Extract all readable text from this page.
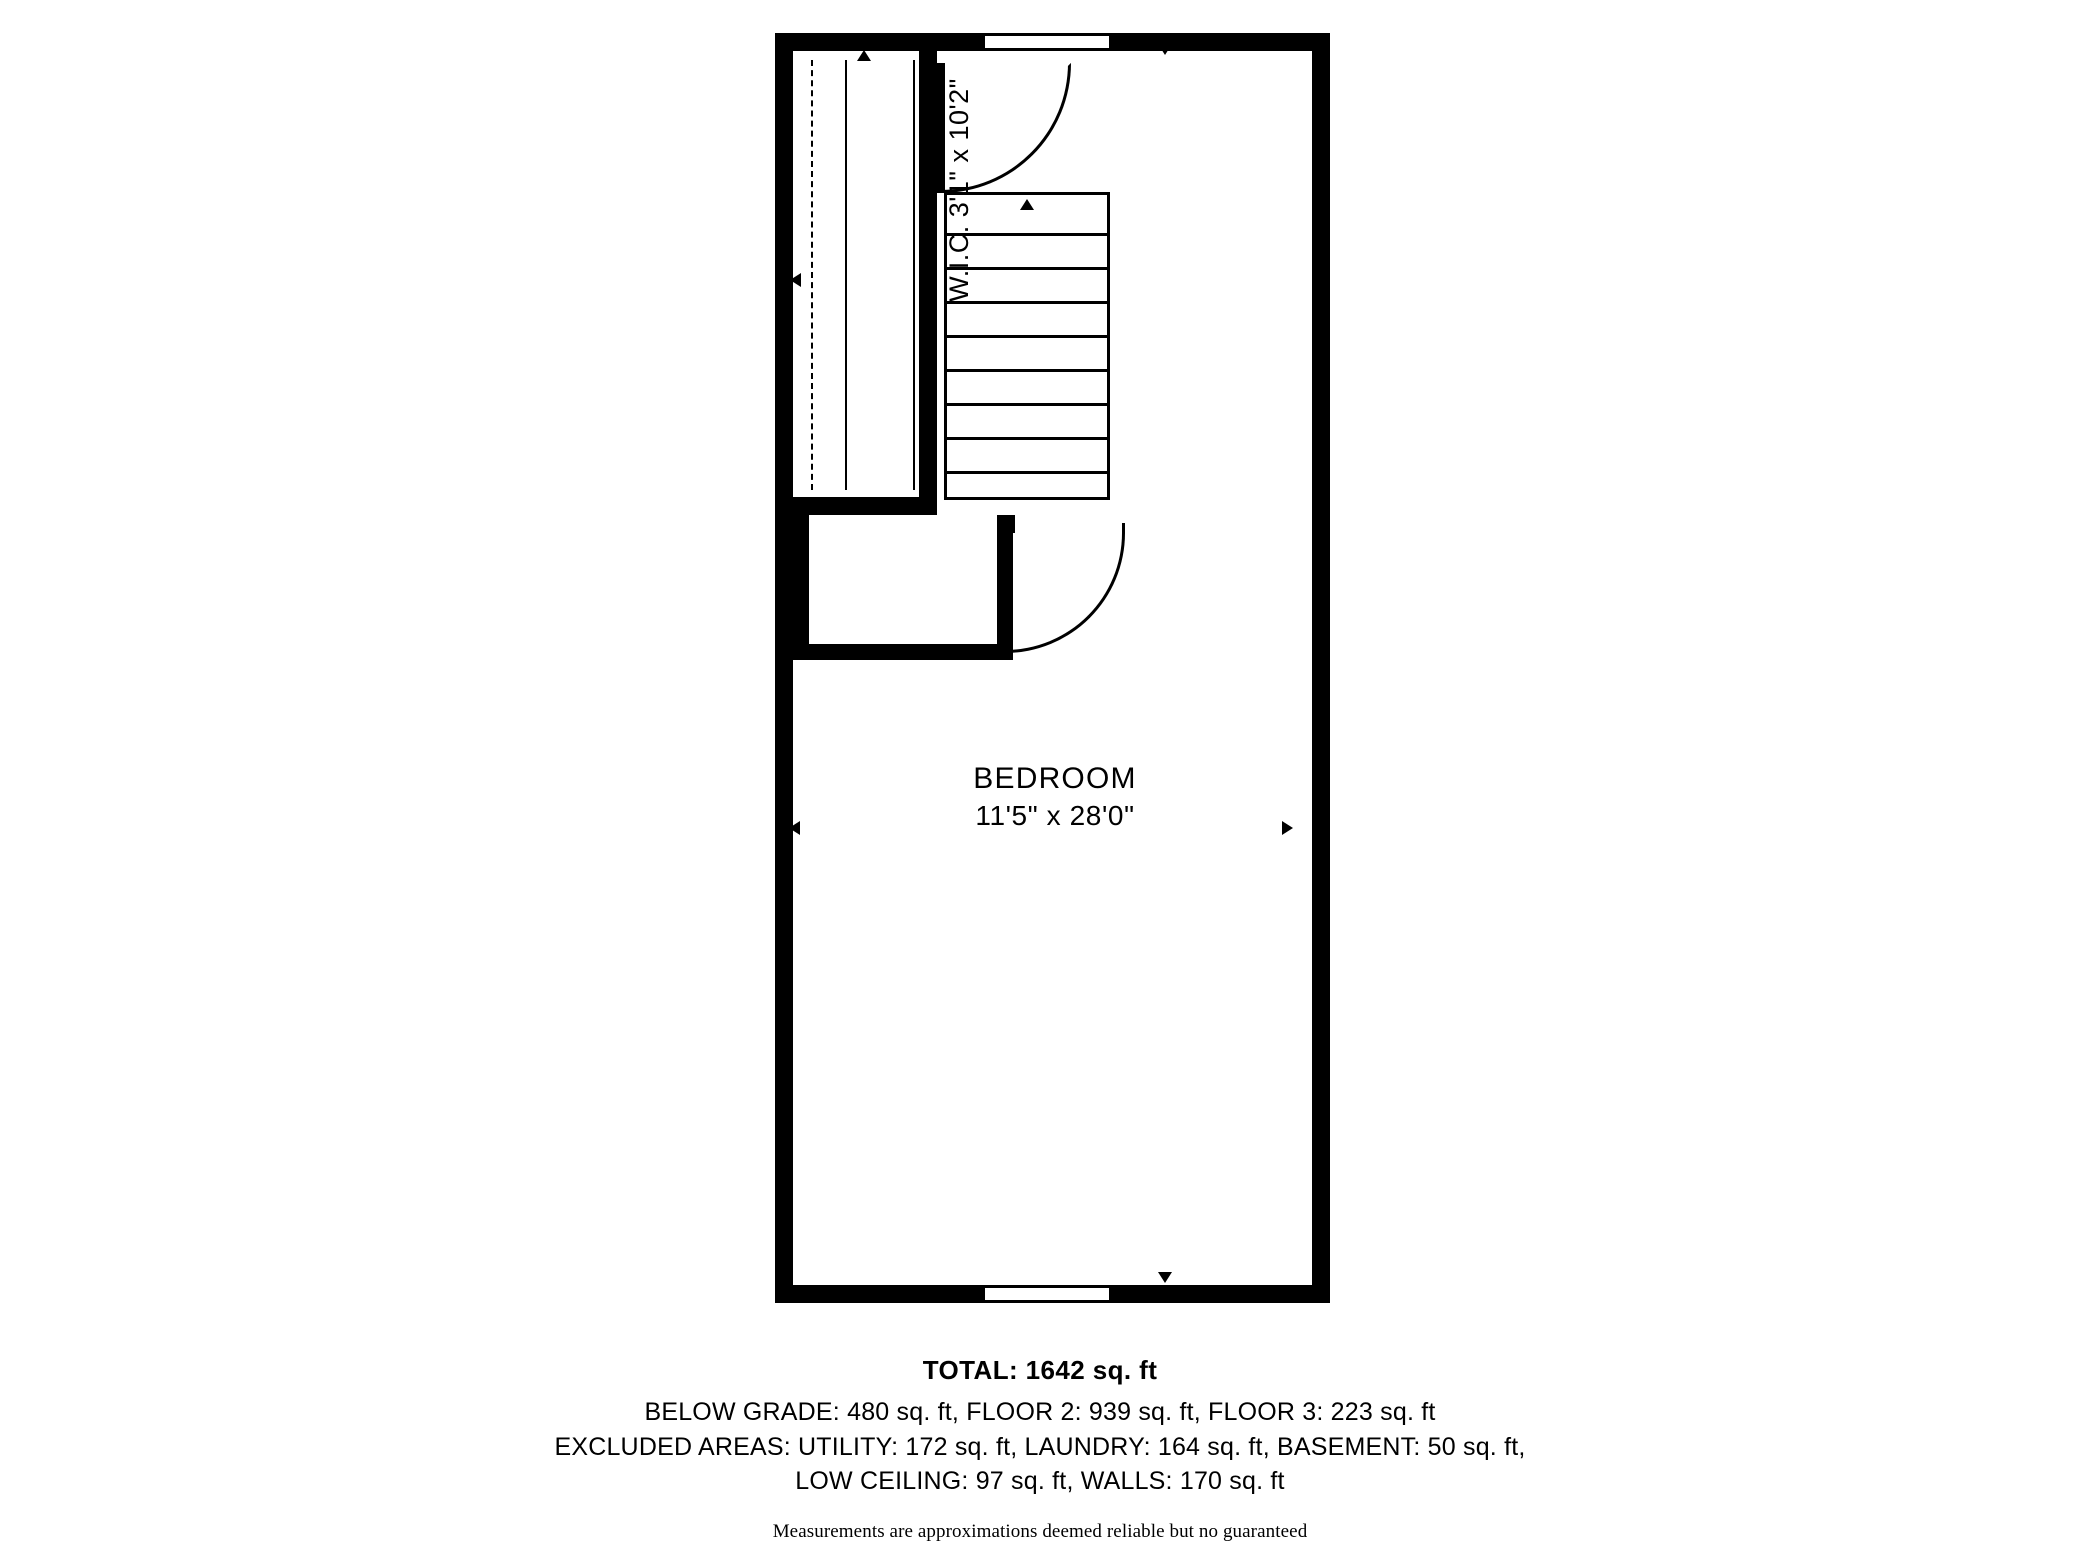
BEDROOM
11'5" x 28'0"
W.I.C. 3'1" x 10'2"
TOTAL: 1642 sq. ft
BELOW GRADE: 480 sq. ft, FLOOR 2: 939 sq. ft, FLOOR 3: 223 sq. ft
EXCLUDED AREAS: UTILITY: 172 sq. ft, LAUNDRY: 164 sq. ft, BASEMENT: 50 sq. ft,
LOW CEILING: 97 sq. ft, WALLS: 170 sq. ft
Measurements are approximations deemed reliable but no guaranteed
